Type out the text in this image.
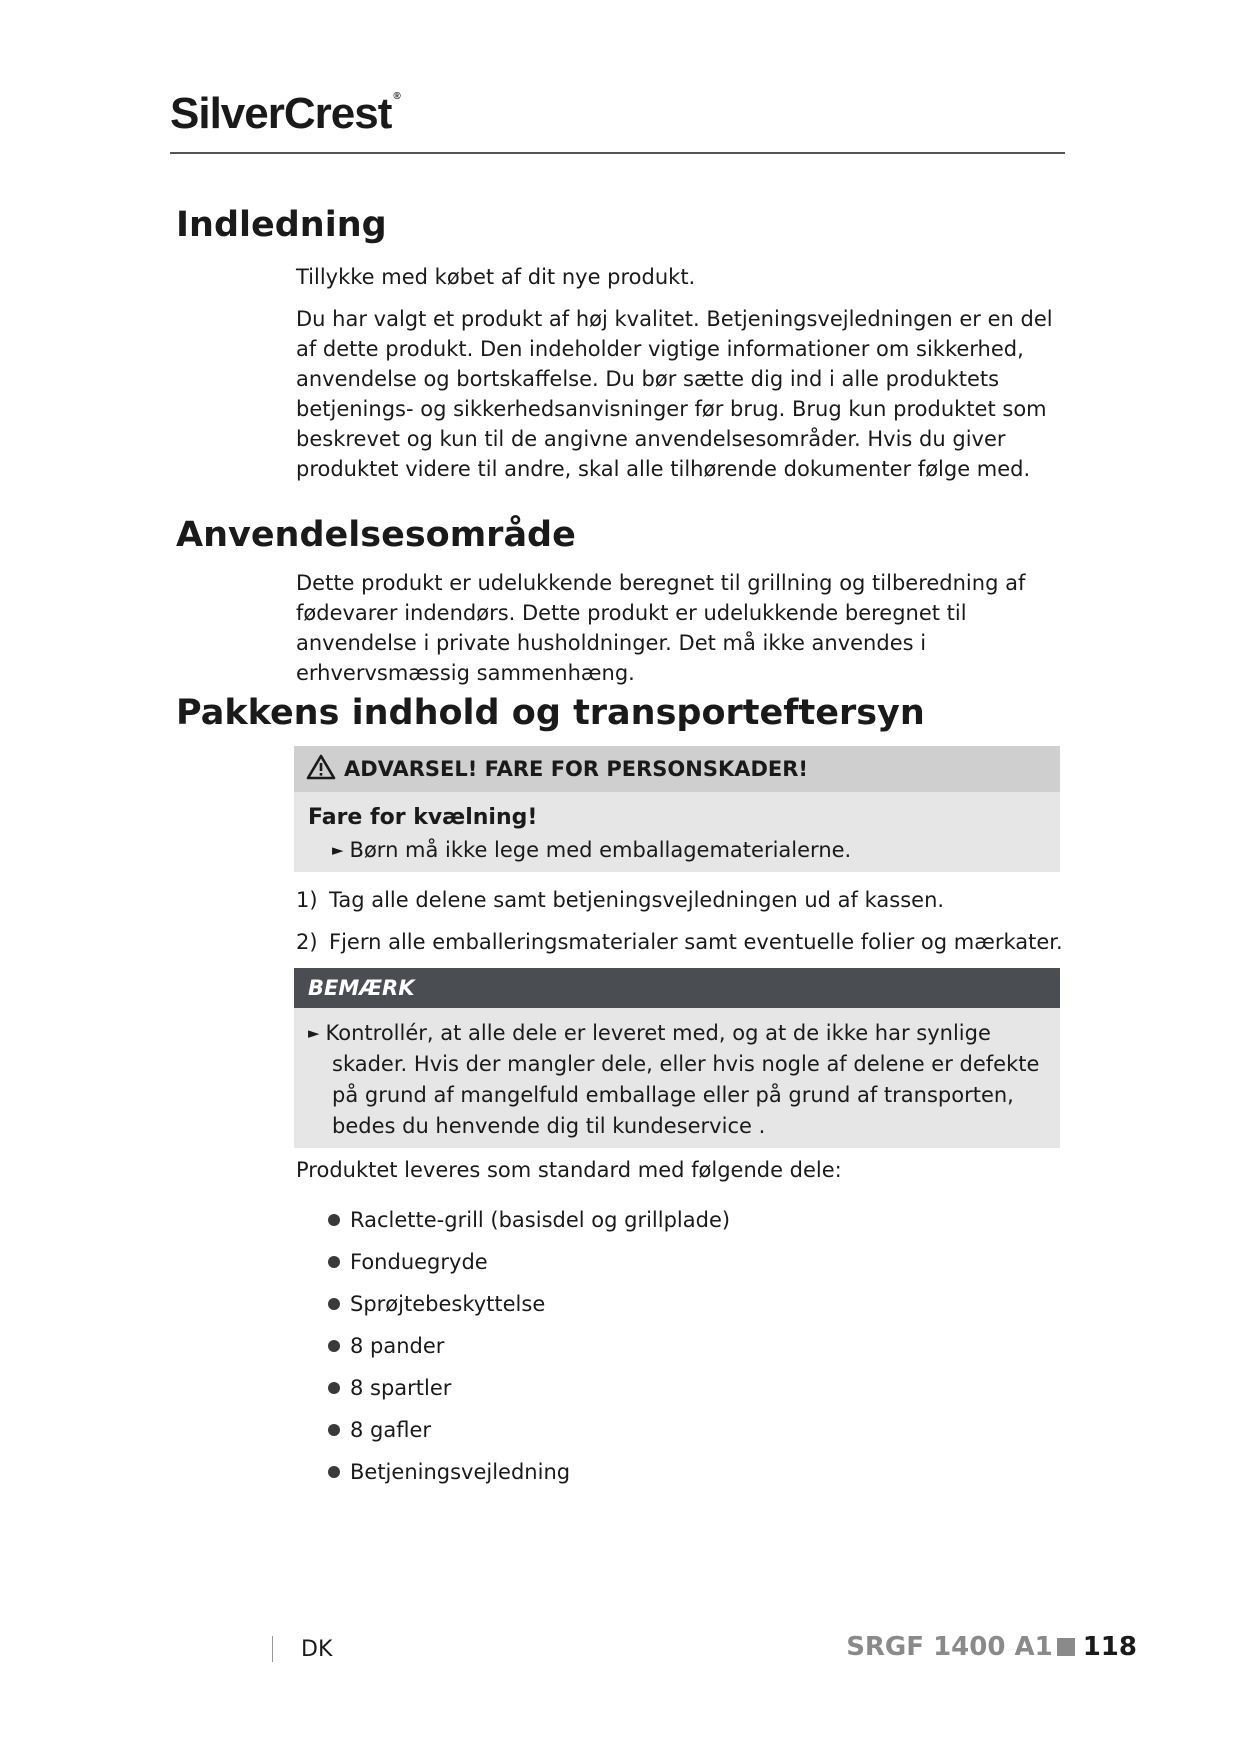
SilverCrest ®
Indledning

Tillykke med købet af dit nye produkt.

Du har valgt et produkt af høj kvalitet. Betjeningsvejledningen er en del af dette produkt. Den indeholder vigtige informationer om sikkerhed, anvendelse og bortskaffelse. Du bør sætte dig ind i alle produktets betjenings- og sikkerhedsanvisninger før brug. Brug kun produktet som beskrevet og kun til de angivne anvendelsesområder. Hvis du giver produktet videre til andre, skal alle tilhørende dokumenter følge med.

Anvendelsesområde

Dette produkt er udelukkende beregnet til grillning og tilberedning af fødevarer indendørs. Dette produkt er udelukkende beregnet til anvendelse i private husholdninger. Det må ikke anvendes i erhvervsmæssig sammenhæng.

Pakkens indhold og transporteftersyn
ADVARSEL! FARE FOR PERSONSKADER!
Fare for kvælning!
► Børn må ikke lege med emballagematerialerne.
1) Tag alle delene samt betjeningsvejledningen ud af kassen.
2) Fjern alle emballeringsmaterialer samt eventuelle folier og mærkater.
BEMÆRK
► Kontrollér, at alle dele er leveret med, og at de ikke har synlige skader. Hvis der mangler dele, eller hvis nogle af delene er defekte på grund af mangelfuld emballage eller på grund af transporten, bedes du henvende dig til kundeservice .
Produktet leveres som standard med følgende dele:
Raclette-grill (basisdel og grillplade)
Fonduegryde
Sprøjtebeskyttelse
8 pander
8 spartler
8 gafler
Betjeningsvejledning
DK	SRGF 1400 A1 118
